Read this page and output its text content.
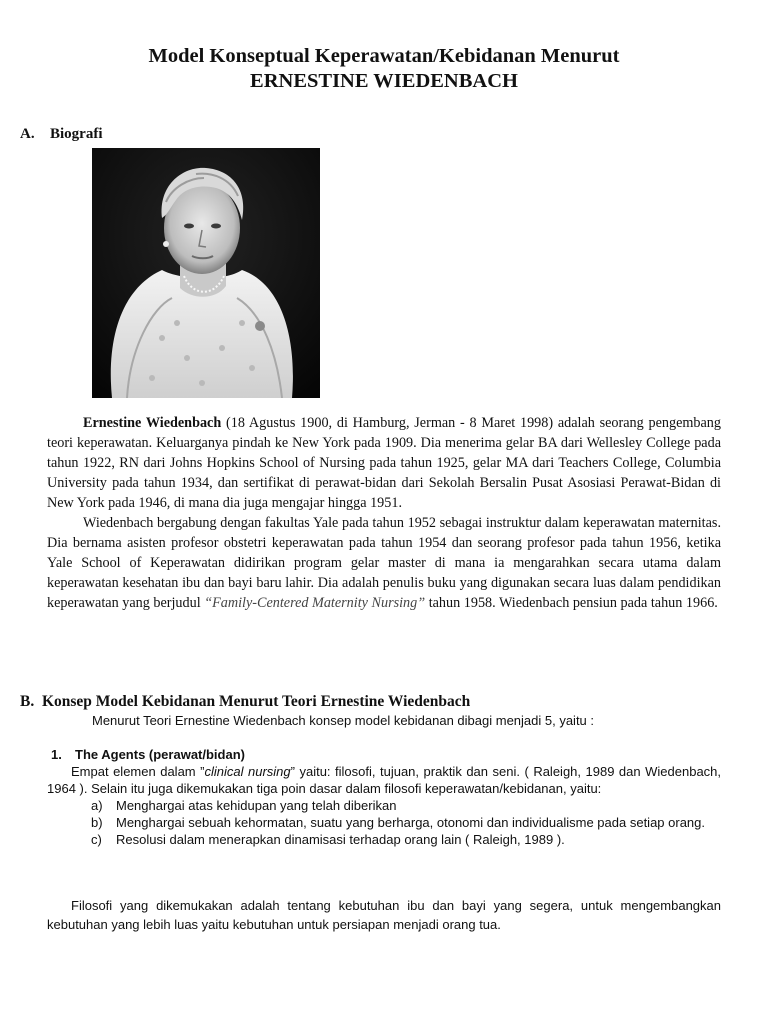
Model Konseptual Keperawatan/Kebidanan Menurut
ERNESTINE WIEDENBACH
A. Biografi

Ernestine Wiedenbach (18 Agustus 1900, di Hamburg, Jerman - 8 Maret 1998) adalah seorang pengembang teori keperawatan. Keluarganya pindah ke New York pada 1909. Dia menerima gelar BA dari Wellesley College pada tahun 1922, RN dari Johns Hopkins School of Nursing pada tahun 1925, gelar MA dari Teachers College, Columbia University pada tahun 1934, dan sertifikat di perawat-bidan dari Sekolah Bersalin Pusat Asosiasi Perawat-Bidan di New York pada 1946, di mana dia juga mengajar hingga 1951.

Wiedenbach bergabung dengan fakultas Yale pada tahun 1952 sebagai instruktur dalam keperawatan maternitas. Dia bernama asisten profesor obstetri keperawatan pada tahun 1954 dan seorang profesor pada tahun 1956, ketika Yale School of Keperawatan didirikan program gelar master di mana ia mengarahkan secara utama dalam keperawatan kesehatan ibu dan bayi baru lahir. Dia adalah penulis buku yang digunakan secara luas dalam pendidikan keperawatan yang berjudul “Family-Centered Maternity Nursing” tahun 1958. Wiedenbach pensiun pada tahun 1966.

B. Konsep Model Kebidanan Menurut Teori Ernestine Wiedenbach
Menurut Teori Ernestine Wiedenbach konsep model kebidanan dibagi menjadi 5, yaitu :
1. The Agents (perawat/bidan)

Empat elemen dalam ”clinical nursing” yaitu: filosofi, tujuan, praktik dan seni. ( Raleigh, 1989 dan Wiedenbach, 1964 ). Selain itu juga dikemukakan tiga poin dasar dalam filosofi keperawatan/kebidanan, yaitu:

a) Menghargai atas kehidupan yang telah diberikan
b) Menghargai sebuah kehormatan, suatu yang berharga, otonomi dan individualisme pada setiap orang.
c) Resolusi dalam menerapkan dinamisasi terhadap orang lain ( Raleigh, 1989 ).

Filosofi yang dikemukakan adalah tentang kebutuhan ibu dan bayi yang segera, untuk mengembangkan kebutuhan yang lebih luas yaitu kebutuhan untuk persiapan menjadi orang tua.
